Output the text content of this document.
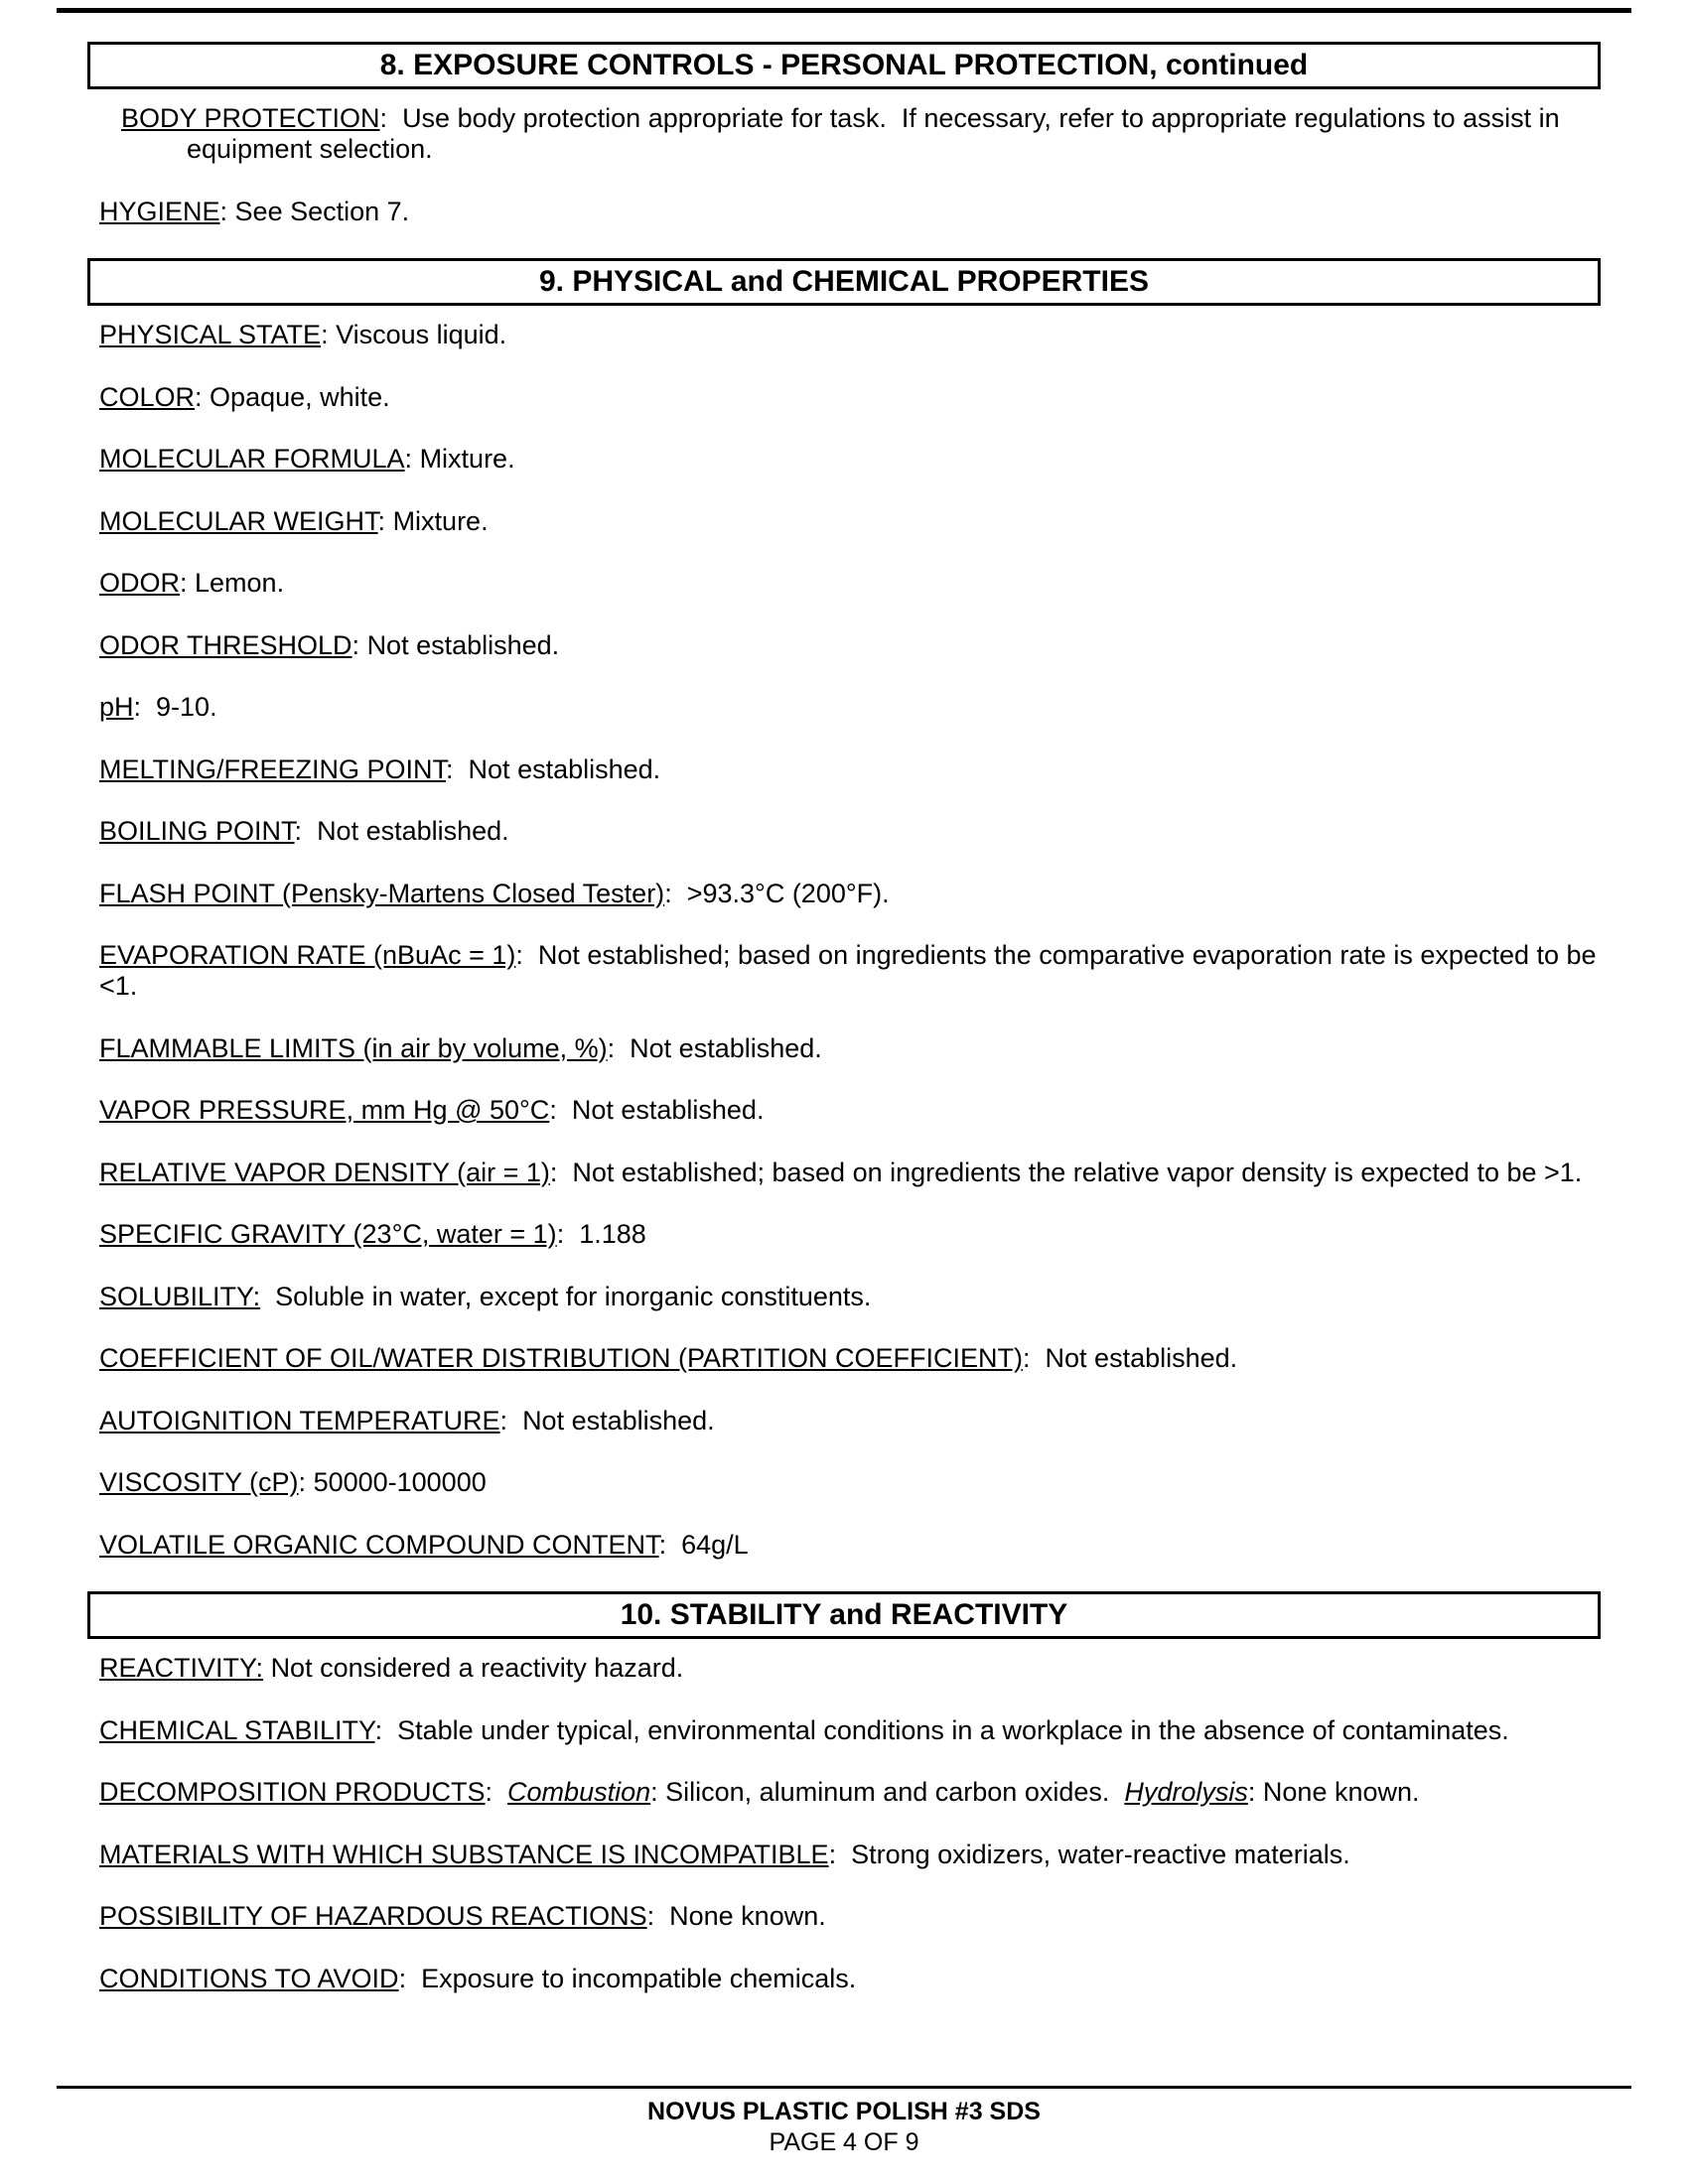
8. EXPOSURE CONTROLS - PERSONAL PROTECTION, continued
BODY PROTECTION:  Use body protection appropriate for task.  If necessary, refer to appropriate regulations to assist in equipment selection.
HYGIENE: See Section 7.
9. PHYSICAL and CHEMICAL PROPERTIES
PHYSICAL STATE: Viscous liquid.
COLOR: Opaque, white.
MOLECULAR FORMULA: Mixture.
MOLECULAR WEIGHT: Mixture.
ODOR: Lemon.
ODOR THRESHOLD: Not established.
pH:  9-10.
MELTING/FREEZING POINT:  Not established.
BOILING POINT:  Not established.
FLASH POINT (Pensky-Martens Closed Tester):  >93.3°C (200°F).
EVAPORATION RATE (nBuAc = 1):  Not established; based on ingredients the comparative evaporation rate is expected to be <1.
FLAMMABLE LIMITS (in air by volume, %):  Not established.
VAPOR PRESSURE, mm Hg @ 50°C:  Not established.
RELATIVE VAPOR DENSITY (air = 1):  Not established; based on ingredients the relative vapor density is expected to be >1.
SPECIFIC GRAVITY (23°C, water = 1):  1.188
SOLUBILITY: Soluble in water, except for inorganic constituents.
COEFFICIENT OF OIL/WATER DISTRIBUTION (PARTITION COEFFICIENT):  Not established.
AUTOIGNITION TEMPERATURE:  Not established.
VISCOSITY (cP): 50000-100000
VOLATILE ORGANIC COMPOUND CONTENT:  64g/L
10. STABILITY and REACTIVITY
REACTIVITY: Not considered a reactivity hazard.
CHEMICAL STABILITY:  Stable under typical, environmental conditions in a workplace in the absence of contaminates.
DECOMPOSITION PRODUCTS:  Combustion: Silicon, aluminum and carbon oxides.  Hydrolysis: None known.
MATERIALS WITH WHICH SUBSTANCE IS INCOMPATIBLE:  Strong oxidizers, water-reactive materials.
POSSIBILITY OF HAZARDOUS REACTIONS:  None known.
CONDITIONS TO AVOID:  Exposure to incompatible chemicals.
NOVUS PLASTIC POLISH #3 SDS
PAGE 4 OF 9
